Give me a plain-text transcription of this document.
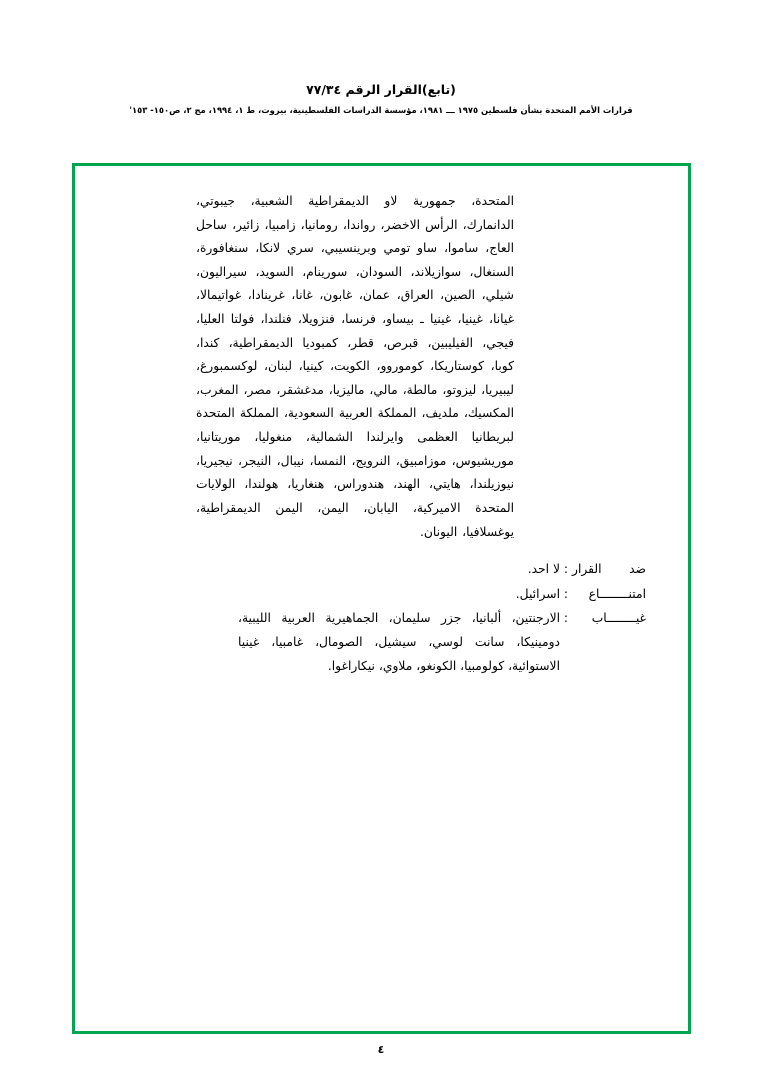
(تابع)القرار الرقم ٧٧/٣٤
قرارات الأمم المتحدة بشأن فلسطين ١٩٧٥ ـــ ١٩٨١، مؤسسة الدراسات الفلسطينية، بيروت، ط ١، ١٩٩٤، مج ٢، ص١٥٠- ١٥٣'

المتحدة، جمهورية لاو الديمقراطية الشعبية، جيبوتي، الدانمارك، الرأس الاخضر، رواندا، رومانيا، زامبيا، زائير، ساحل العاج، ساموا، ساو تومي وبرينسيبي، سري لانكا، سنغافورة، السنغال، سوازيلاند، السودان، سورينام، السويد، سيراليون، شيلي، الصين، العراق، عمان، غابون، غانا، غرينادا، غواتيمالا، غيانا، غينيا، غينيا ـ بيساو، فرنسا، فنزويلا، فنلندا، فولتا العليا، فيجي، الفيليبين، قبرص، قطر، كمبوديا الديمقراطية، كندا، كوبا، كوستاريكا، كوموروو، الكويت، كينيا، لبنان، لوكسمبورغ، ليبيريا، ليزوتو، مالطة، مالي، ماليزيا، مدغشقر، مصر، المغرب، المكسيك، ملديف، المملكة العربية السعودية، المملكة المتحدة لبريطانيا العظمى وايرلندا الشمالية، منغوليا، موريتانيا، موريشيوس، موزامبيق، النرويج، النمسا، نيبال، النيجر، نيجيريا، نيوزيلندا، هايتي، الهند، هندوراس، هنغاريا، هولندا، الولايات المتحدة الاميركية، اليابان، اليمن، اليمن الديمقراطية، يوغسلافيا، اليونان.

ضد القرار
:
لا احد.
امتنــــــــاع
:
اسرائيل.
غيــــــــاب
:
الارجنتين، ألبانيا، جزر سليمان، الجماهيرية العربية الليبية، دومينيكا، سانت لوسي، سيشيل، الصومال، غامبيا، غينيا الاستوائية، كولومبيا، الكونغو، ملاوي، نيكاراغوا.
٤
